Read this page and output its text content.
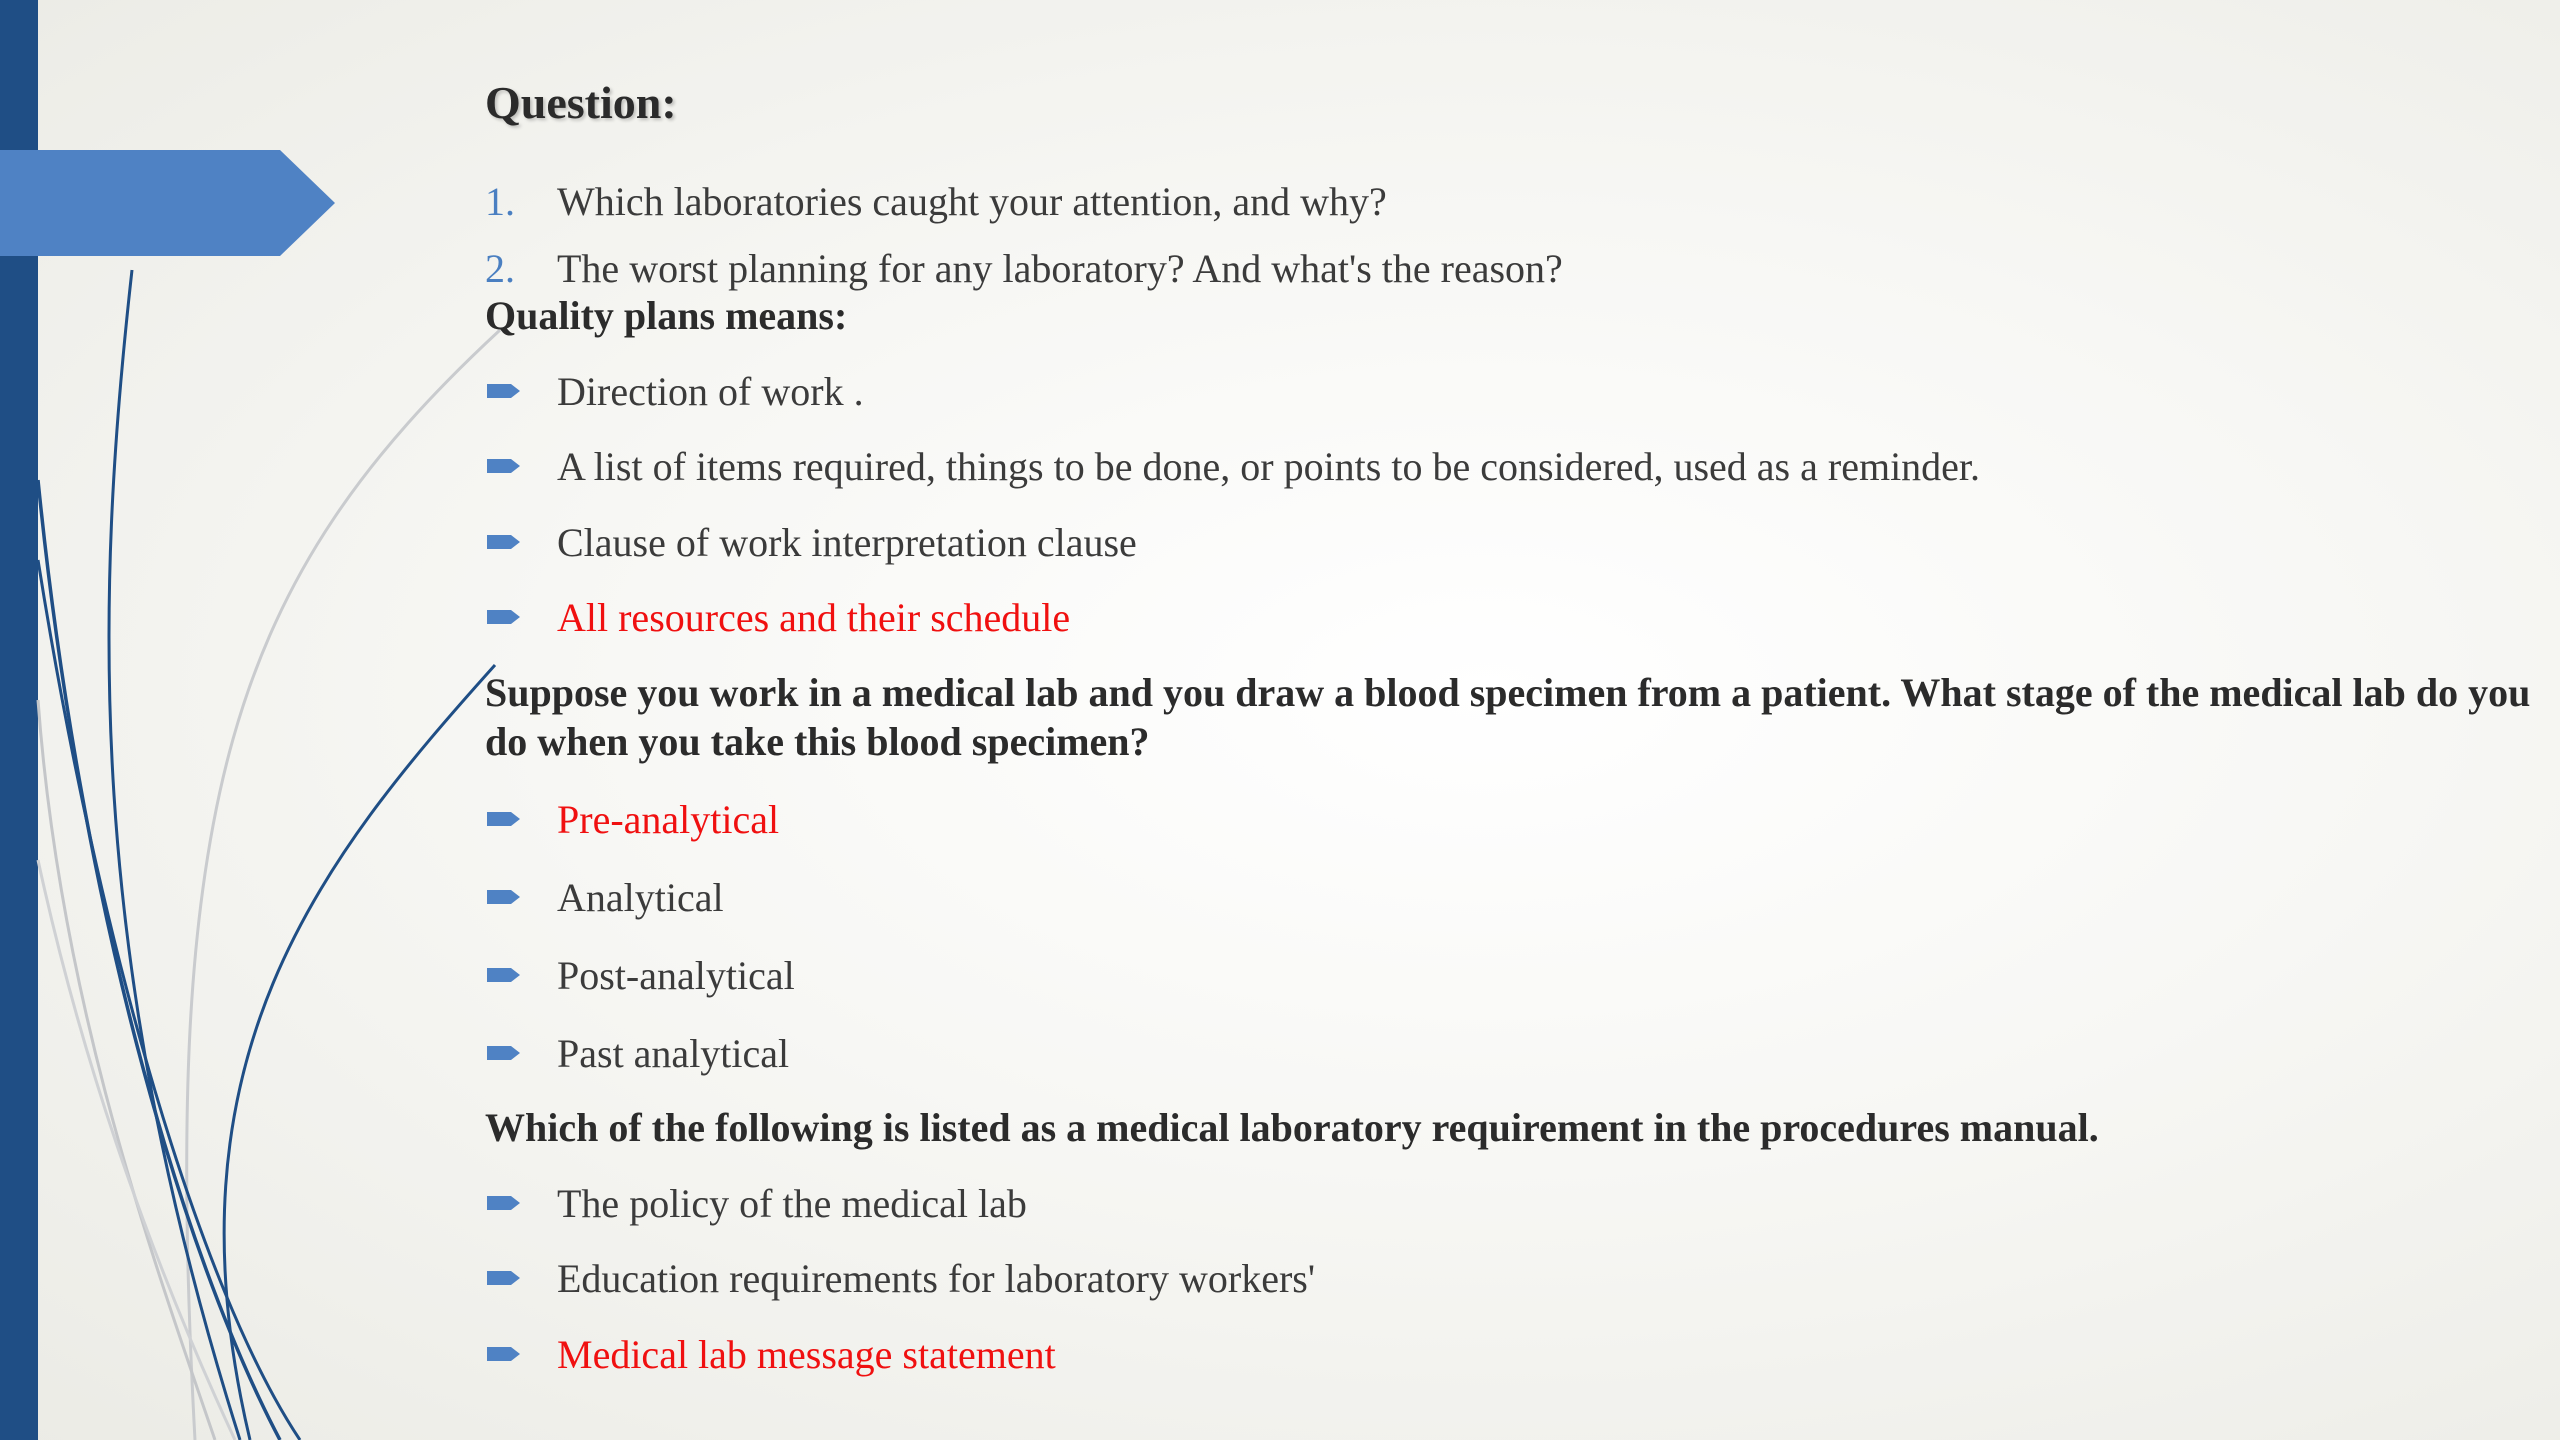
Question:
1. Which laboratories caught your attention, and why?
2. The worst planning for any laboratory? And what's the reason?
Quality plans means:
Direction of work .
A list of items required, things to be done, or points to be considered, used as a reminder.
Clause of work interpretation clause
All resources and their schedule
Suppose you work in a medical lab and you draw a blood specimen from a patient. What stage of the medical lab do you do when you take this blood specimen?
Pre-analytical
Analytical
Post-analytical
Past analytical
Which of the following is listed as a medical laboratory requirement in the procedures manual.
The policy of the medical lab
Education requirements for laboratory workers'
Medical lab message statement
